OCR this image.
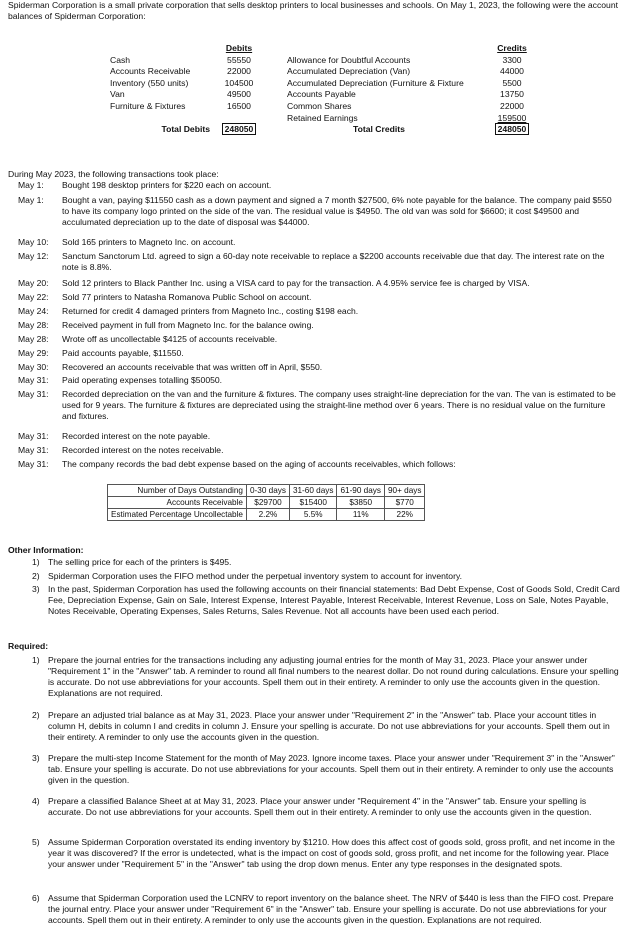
Spiderman Corporation is a small private corporation that sells desktop printers to local businesses and schools. On May 1, 2023, the following were the account balances of Spiderman Corporation:
	Debits			Credits
Cash	55550		Allowance for Doubtful Accounts	3300
Accounts Receivable	22000		Accumulated Depreciation (Van)	44000
Inventory (550 units)	104500		Accumulated Depreciation (Furniture & Fixture	5500
Van	49500		Accounts Payable	13750
Furniture & Fixtures	16500		Common Shares	22000
			Retained Earnings	159500
Total Debits	248050		Total Credits	248050
During May 2023, the following transactions took place:
May 1: Bought 198 desktop printers for $220 each on account.
May 1: Bought a van, paying $11550 cash as a down payment and signed a 7 month $27500, 6% note payable for the balance. The company paid $550 to have its company logo printed on the side of the van. The residual value is $4950. The old van was sold for $6600; it cost $49500 and acculumated depreciation up to the date of disposal was $44000.
May 10: Sold 165 printers to Magneto Inc. on account.
May 12: Sanctum Sanctorum Ltd. agreed to sign a 60-day note receivable to replace a $2200 accounts receivable due that day. The interest rate on the note is 8.8%.
May 20: Sold 12 printers to Black Panther Inc. using a VISA card to pay for the transaction. A 4.95% service fee is charged by VISA.
May 22: Sold 77 printers to Natasha Romanova Public School on account.
May 24: Returned for credit 4 damaged printers from Magneto Inc., costing $198 each.
May 28: Received payment in full from Magneto Inc. for the balance owing.
May 28: Wrote off as uncollectable $4125 of accounts receivable.
May 29: Paid accounts payable, $11550.
May 30: Recovered an accounts receivable that was written off in April, $550.
May 31: Paid operating expenses totalling $50050.
May 31: Recorded depreciation on the van and the furniture & fixtures. The company uses straight-line depreciation for the van. The van is estimated to be used for 9 years. The furniture & fixtures are depreciated using the straight-line method over 6 years. There is no residual value on the furniture and fixtures.
May 31: Recorded interest on the note payable.
May 31: Recorded interest on the notes receivable.
May 31: The company records the bad debt expense based on the aging of accounts receivables, which follows:
Number of Days Outstanding	0-30 days	31-60 days	61-90 days	90+ days
Accounts Receivable	$29700	$15400	$3850	$770
Estimated Percentage Uncollectable	2.2%	5.5%	11%	22%
Other Information:
1) The selling price for each of the printers is $495.
2) Spiderman Corporation uses the FIFO method under the perpetual inventory system to account for inventory.
3) In the past, Spiderman Corporation has used the following accounts on their financial statements: Bad Debt Expense, Cost of Goods Sold, Credit Card Fee, Depreciation Expense, Gain on Sale, Interest Expense, Interest Payable, Interest Receivable, Interest Revenue, Loss on Sale, Notes Payable, Notes Receivable, Operating Expenses, Sales Returns, Sales Revenue. Not all accounts have been used each period.
Required:
1) Prepare the journal entries for the transactions including any adjusting journal entries for the month of May 31, 2023. Place your answer under "Requirement 1" in the "Answer" tab. A reminder to round all final numbers to the nearest dollar. Do not round during calculations. Ensure your spelling is accurate. Do not use abbreviations for your accounts. Spell them out in their entirety. A reminder to only use the accounts given in the question. Explanations are not required.
2) Prepare an adjusted trial balance as at May 31, 2023. Place your answer under "Requirement 2" in the "Answer" tab. Place your account titles in column H, debits in column I and credits in column J. Ensure your spelling is accurate. Do not use abbreviations for your accounts. Spell them out in their entirety. A reminder to only use the accounts given in the question.
3) Prepare the multi-step Income Statement for the month of May 2023. Ignore income taxes. Place your answer under "Requirement 3" in the "Answer" tab. Ensure your spelling is accurate. Do not use abbreviations for your accounts. Spell them out in their entirety. A reminder to only use the accounts given in the question.
4) Prepare a classified Balance Sheet at at May 31, 2023. Place your answer under "Requirement 4" in the "Answer" tab. Ensure your spelling is accurate. Do not use abbreviations for your accounts. Spell them out in their entirety. A reminder to only use the accounts given in the question.
5) Assume Spiderman Corporation overstated its ending inventory by $1210. How does this affect cost of goods sold, gross profit, and net income in the year it was discovered? If the error is undetected, what is the impact on cost of goods sold, gross profit, and net income for the following year. Place your answer under "Requirement 5" in the "Answer" tab using the drop down menus. Enter any type responses in the designated spots.
6) Assume that Spiderman Corporation used the LCNRV to report inventory on the balance sheet. The NRV of $440 is less than the FIFO cost. Prepare the journal entry. Place your answer under "Requirement 6" in the "Answer" tab. Ensure your spelling is accurate. Do not use abbreviations for your accounts. Spell them out in their entirety. A reminder to only use the accounts given in the question. Explanations are not required.
